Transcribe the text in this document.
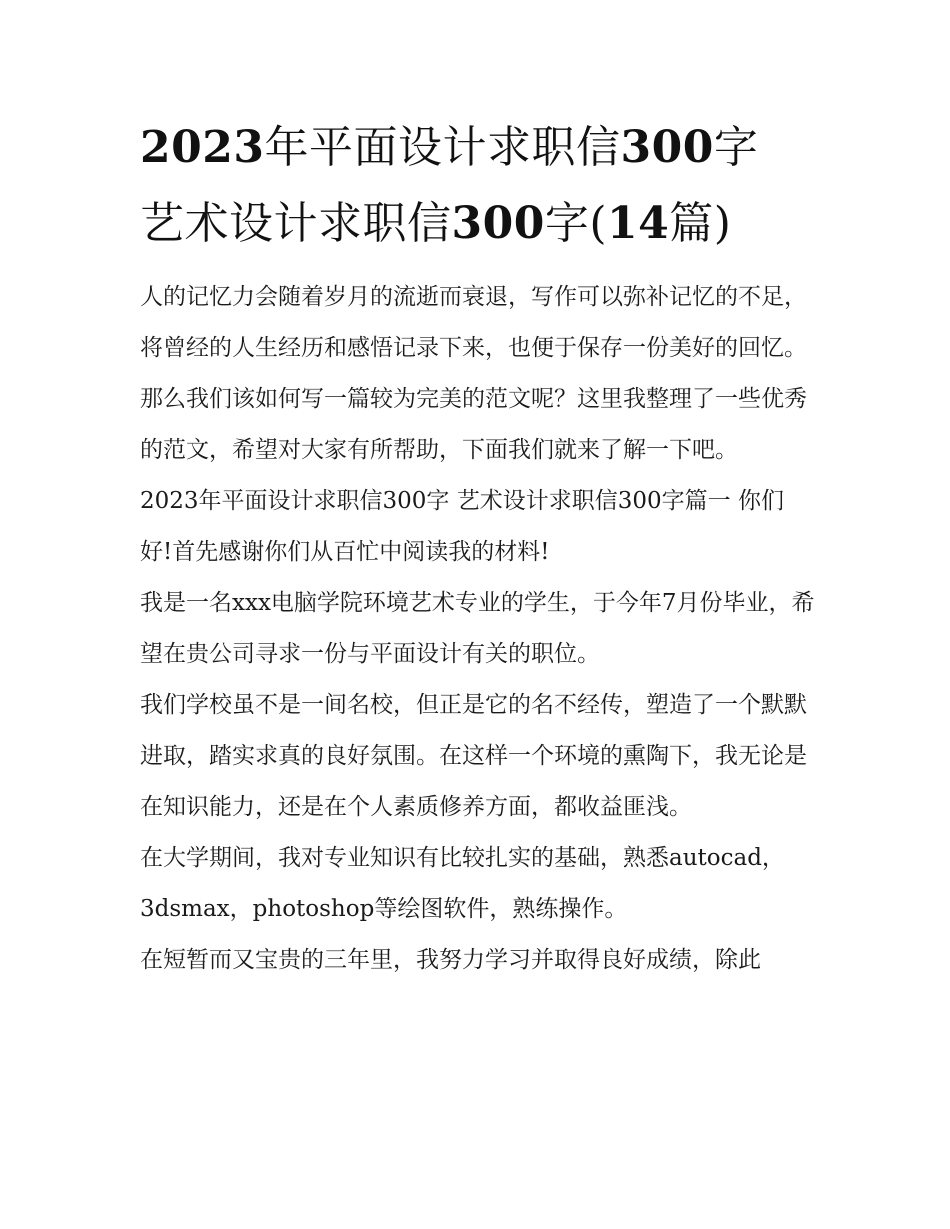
2023年平面设计求职信300字 艺术设计求职信300字(14篇)

人的记忆力会随着岁月的流逝而衰退，写作可以弥补记忆的不足，将曾经的人生经历和感悟记录下来，也便于保存一份美好的回忆。那么我们该如何写一篇较为完美的范文呢？这里我整理了一些优秀的范文，希望对大家有所帮助，下面我们就来了解一下吧。

2023年平面设计求职信300字 艺术设计求职信300字篇一 你们好!首先感谢你们从百忙中阅读我的材料!

我是一名xxx电脑学院环境艺术专业的学生，于今年7月份毕业，希望在贵公司寻求一份与平面设计有关的职位。

我们学校虽不是一间名校，但正是它的名不经传，塑造了一个默默进取，踏实求真的良好氛围。在这样一个环境的熏陶下，我无论是在知识能力，还是在个人素质修养方面，都收益匪浅。

在大学期间，我对专业知识有比较扎实的基础，熟悉autocad，3dsmax，photoshop等绘图软件，熟练操作。

在短暂而又宝贵的三年里，我努力学习并取得良好成绩，除此
